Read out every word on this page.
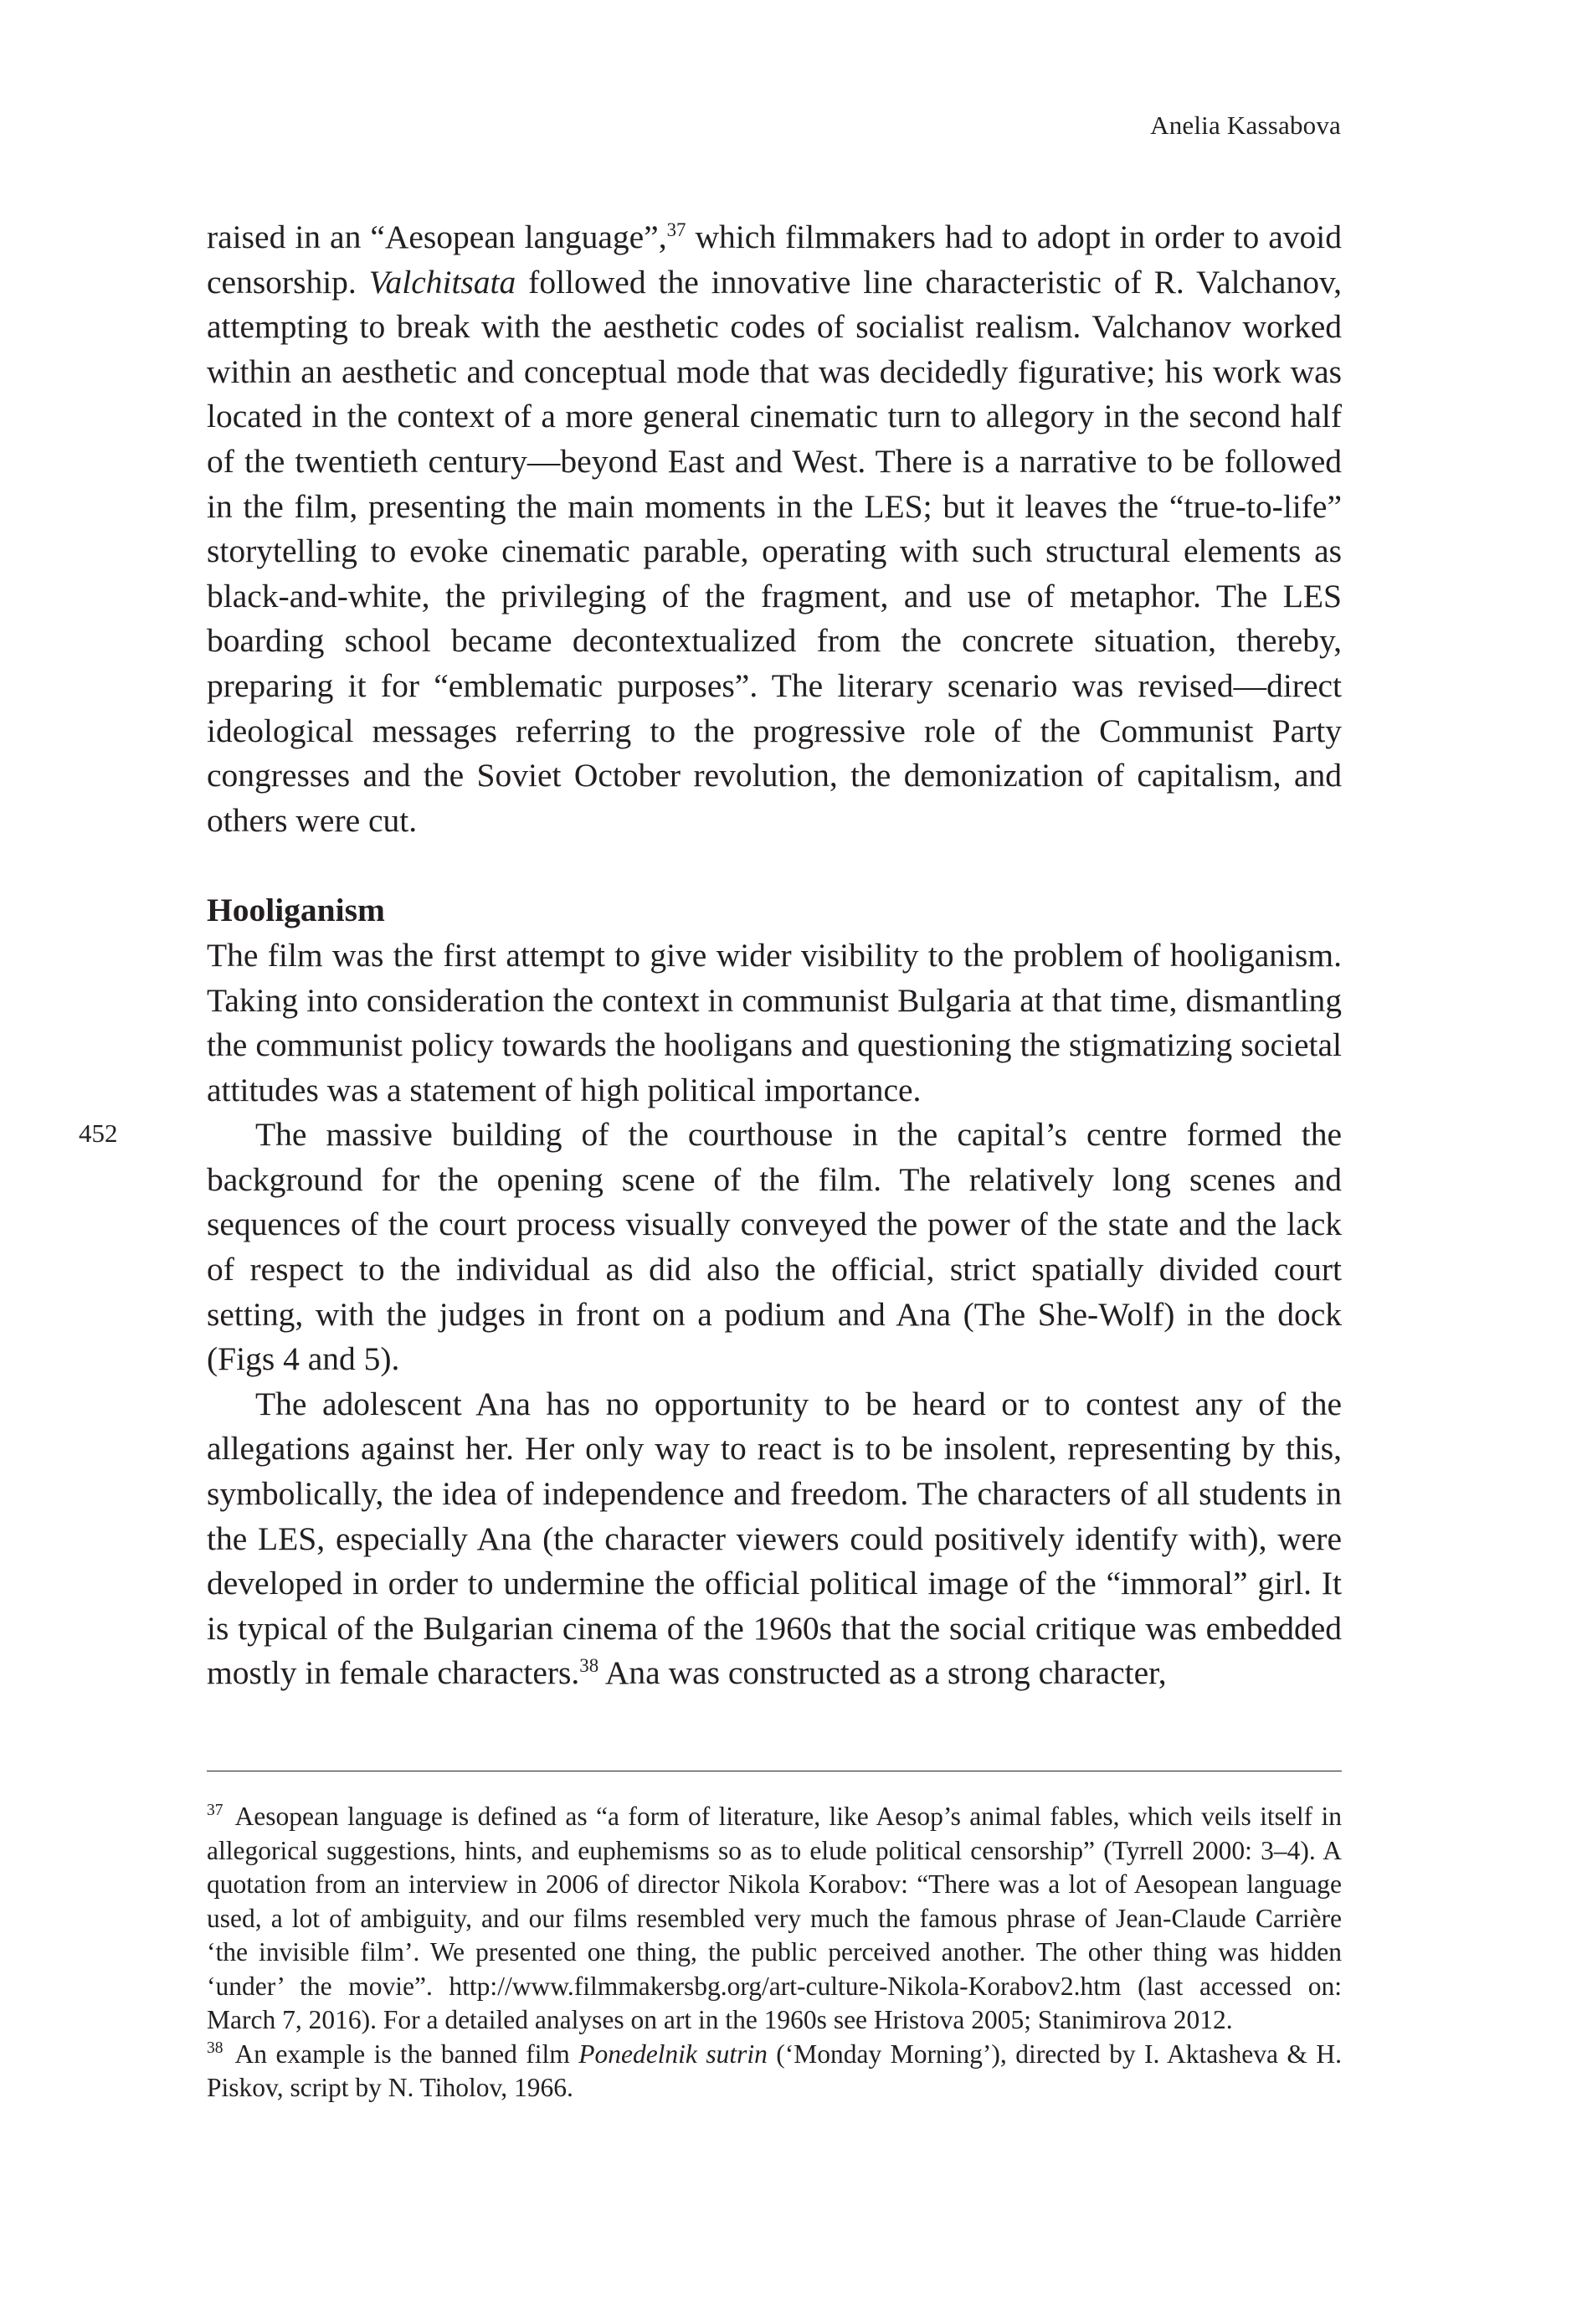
Anelia Kassabova
452

raised in an “Aesopean language”,$^{37}$ which filmmakers had to adopt in order to avoid censorship. Valchitsata followed the innovative line characteristic of R. Valchanov, attempting to break with the aesthetic codes of socialist realism. Valchanov worked within an aesthetic and conceptual mode that was decidedly figurative; his work was located in the context of a more general cinematic turn to allegory in the second half of the twentieth century—beyond East and West. There is a narrative to be followed in the film, presenting the main moments in the LES; but it leaves the “true-to-life” storytelling to evoke cinematic parable, operating with such structural elements as black-and-white, the privileging of the fragment, and use of metaphor. The LES boarding school became decontextualized from the concrete situation, thereby, preparing it for “emblematic purposes”. The literary scenario was revised—direct ideological messages referring to the progressive role of the Communist Party congresses and the Soviet October revolution, the demonization of capitalism, and others were cut.

Hooliganism

The film was the first attempt to give wider visibility to the problem of hooliganism. Taking into consideration the context in communist Bulgaria at that time, dismantling the communist policy towards the hooligans and questioning the stigmatizing societal attitudes was a statement of high political importance.

The massive building of the courthouse in the capital’s centre formed the background for the opening scene of the film. The relatively long scenes and sequences of the court process visually conveyed the power of the state and the lack of respect to the individual as did also the official, strict spatially divided court setting, with the judges in front on a podium and Ana (The She-Wolf) in the dock (Figs 4 and 5).

The adolescent Ana has no opportunity to be heard or to contest any of the allegations against her. Her only way to react is to be insolent, representing by this, symbolically, the idea of independence and freedom. The characters of all students in the LES, especially Ana (the character viewers could positively identify with), were developed in order to undermine the official political image of the “immoral” girl. It is typical of the Bulgarian cinema of the 1960s that the social critique was embedded mostly in female characters.$^{38}$ Ana was constructed as a strong character,

$^{37}$ Aesopean language is defined as “a form of literature, like Aesop’s animal fables, which veils itself in allegorical suggestions, hints, and euphemisms so as to elude political censorship” (Tyrrell 2000: 3–4). A quotation from an interview in 2006 of director Nikola Korabov: “There was a lot of Aesopean language used, a lot of ambiguity, and our films resembled very much the famous phrase of Jean-Claude Carrière ‘the invisible film’. We presented one thing, the public perceived another. The other thing was hidden ‘under’ the movie”. http://www.filmmakersbg.org/art-culture-Nikola-Korabov2.htm (last accessed on: March 7, 2016). For a detailed analyses on art in the 1960s see Hristova 2005; Stanimirova 2012.

$^{38}$ An example is the banned film Ponedelnik sutrin (‘Monday Morning’), directed by I. Aktasheva & H. Piskov, script by N. Tiholov, 1966.
